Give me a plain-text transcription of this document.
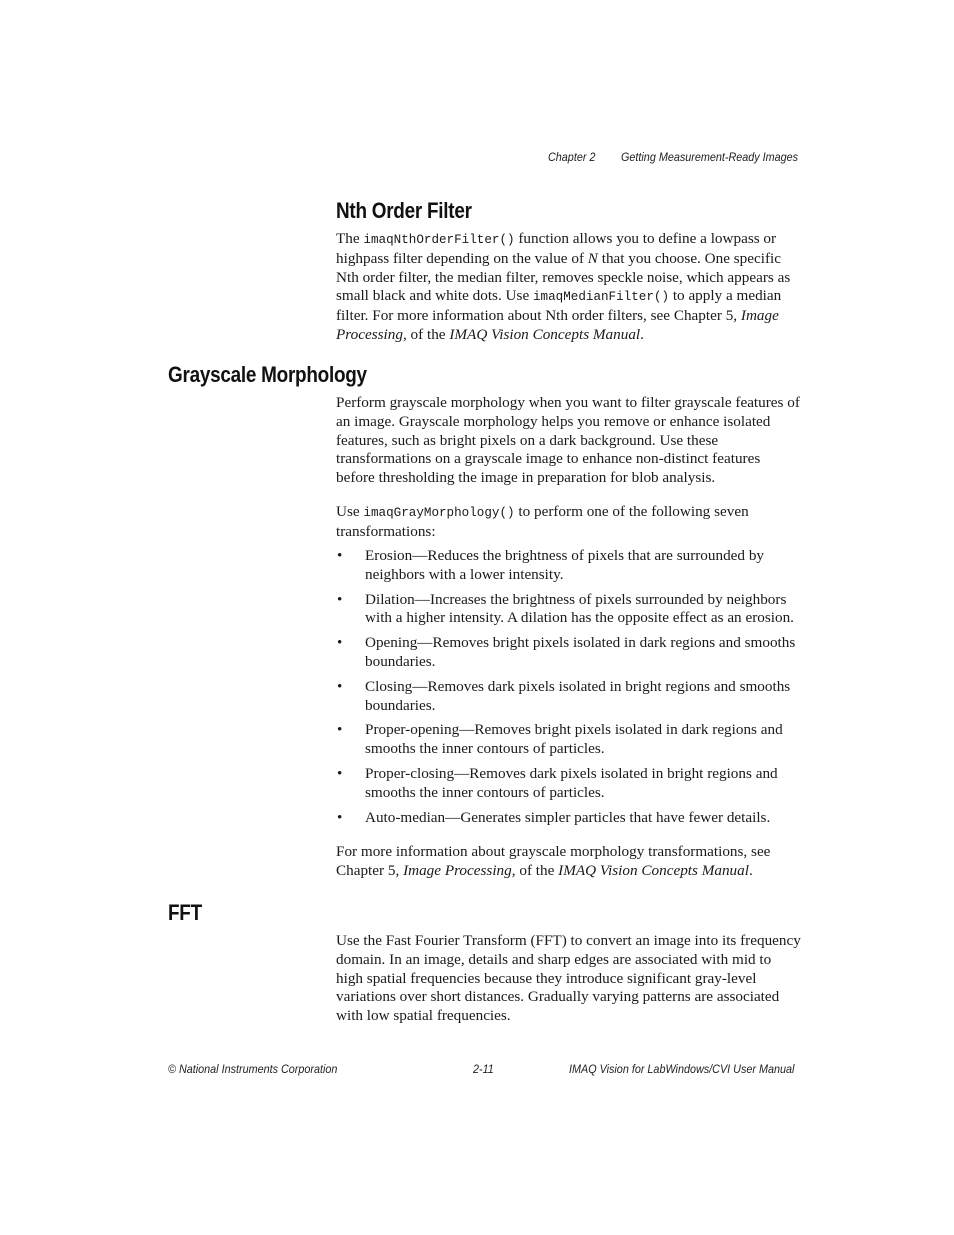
Chapter 2 Getting Measurement-Ready Images
Nth Order Filter

The imaqNthOrderFilter() function allows you to define a lowpass or highpass filter depending on the value of N that you choose. One specific Nth order filter, the median filter, removes speckle noise, which appears as small black and white dots. Use imaqMedianFilter() to apply a median filter. For more information about Nth order filters, see Chapter 5, Image Processing, of the IMAQ Vision Concepts Manual.

Grayscale Morphology

Perform grayscale morphology when you want to filter grayscale features of an image. Grayscale morphology helps you remove or enhance isolated features, such as bright pixels on a dark background. Use these transformations on a grayscale image to enhance non-distinct features before thresholding the image in preparation for blob analysis.

Use imaqGrayMorphology() to perform one of the following seven transformations:

• Erosion—Reduces the brightness of pixels that are surrounded by neighbors with a lower intensity.
• Dilation—Increases the brightness of pixels surrounded by neighbors with a higher intensity. A dilation has the opposite effect as an erosion.
• Opening—Removes bright pixels isolated in dark regions and smooths boundaries.
• Closing—Removes dark pixels isolated in bright regions and smooths boundaries.
• Proper-opening—Removes bright pixels isolated in dark regions and smooths the inner contours of particles.
• Proper-closing—Removes dark pixels isolated in bright regions and smooths the inner contours of particles.
• Auto-median—Generates simpler particles that have fewer details.

For more information about grayscale morphology transformations, see Chapter 5, Image Processing, of the IMAQ Vision Concepts Manual.

FFT

Use the Fast Fourier Transform (FFT) to convert an image into its frequency domain. In an image, details and sharp edges are associated with mid to high spatial frequencies because they introduce significant gray-level variations over short distances. Gradually varying patterns are associated with low spatial frequencies.

© National Instruments Corporation	2-11	IMAQ Vision for LabWindows/CVI User Manual
